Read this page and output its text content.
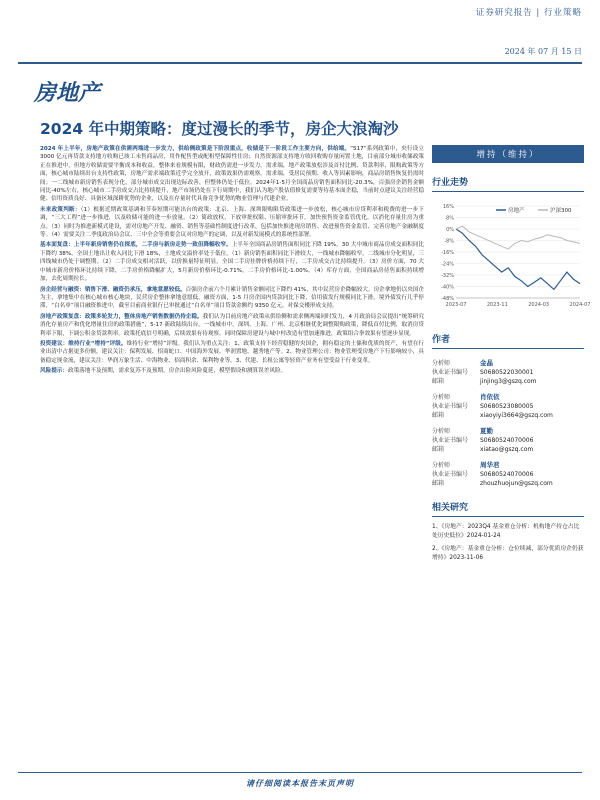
证券研究报告 | 行业策略
2024 年 07 月 15 日
房地产
2024 年中期策略：度过漫长的季节，房企大浪淘沙
2024 年上半年，房地产政策在供需两端进一步发力，供给侧政策是下阶段重点，收储是下一阶段工作主要方向，供给端。“517”系列政策中，央行设立 3000 亿元再贷款支持地方收购已竣工未售商品房，用作配售型或配租型保障性住房；自然资源部支持地方收回收购存量闲置土地，目前部分城市收储政策正在推进中，但地方收储需要平衡成本和收益，整体来看规模有限，财政仍需进一步发力。需求端，地产政策放松涉及首付比例、贷款利率、限购政策等方面，核心城市陆续出台支持性政策，房地产需求端政策近乎完全放开，政策效果仍需观察。需求端，受居民预期、收入等因素影响，商品房销售恢复仍需时间；一二线城市新房销售表现分化，部分城市成交出现边际改善，但整体仍处于低位。2024年1-5月全国商品房销售面积同比-20.3%，百强房企销售金额同比-40%左右，核心城市二手房成交占比持续提升，地产市场仍处在下行周期中，我们认为地产股估值修复需要等待基本面企稳，当前时点建议关注经营稳健、信用资质良好、具备区域深耕优势的企业，以及在存量时代具备竞争优势的物业管理与代建企业。
未来政策判断：（1）根据近期政策基调和节奏短期可能出台的政策：北京、上海、深圳限购限贷政策进一步放松，核心城市房贷利率和税费的进一步下调，“三大工程”进一步推进，以及收储可能的进一步放量。（2）简政放权，下放审批权限、压缩审批环节，加快预售资金监管优化，以消化存量住房为重点。（3）同时为推进新模式建设，需对房地产开发、融资、销售等基础性制度进行改革，包括加快推进现房销售、改进预售资金监管、完善房地产金融制度等。（4）需要关注二季度政治局会议、三中全会等重要会议对房地产的定调，以及对新发展模式的系统性部署。
基本面复盘：上半年新房销售仍在探底，二手房与新房走势一致但降幅收窄。上半年全国商品房销售面积同比下降 19%，30 大中城市商品房成交面积同比下降约 38%，全国土地出让收入同比下滑 18%，土地成交溢价率处于低位。（1）新房销售面积同比下滑较大，一线城市降幅收窄，二线城市分化明显，三四线城市仍处于调整期。（2）二手房成交相对活跃，以价换量特征明显，全国二手房挂牌价格持续下行，二手房成交占比持续提升。（3）房价方面，70 大中城市新房价格环比持续下降，二手房价格降幅扩大，5月新房价格环比-0.71%，二手房价格环比-1.00%。（4）库存方面，全国商品房待售面积持续增加，去化周期拉长。
房企经营与融资：销售下滑、融资仍承压，拿地意愿较低。百强房企前六个月累计销售金额同比下降约 41%，其中民营房企降幅较大。房企拿地仍以央国企为主，拿地集中在核心城市核心地块，民营房企整体拿地意愿低。融资方面，1-5 月房企国内贷款同比下降，信用债发行规模同比下滑，境外债发行几乎停滞，“白名单”项目融资推进中，截至目前商业银行已审批通过“白名单”项目贷款金额约 9350 亿元，对保交楼形成支持。
房地产政策复盘：政策多轮发力，整体房地产销售数据仍待企稳。我们认为目前房地产政策从供给侧和需求侧两端同时发力，4 月政治局会议提出“统筹研究消化存量房产和优化增量住房的政策措施”，5·17 新政陆续出台。一线城市中，深圳、上海、广州、北京相继优化调整限购政策，降低首付比例，取消房贷利率下限，下调公积金贷款利率。政策托底信号明确，后续效果有待观察。同时保障房建设与城中村改造有望加速推进，政策组合拳效果有望逐步显现。
投资建议：维持行业“增持”评级。维持行业“增持”评级。我们认为重点关注：1、政策支持下经营稳健的央国企，拥有稳定的土储和优质的资产，有望在行业出清中占据更多份额，建议关注：保利发展、招商蛇口、中国海外发展、华润置地、越秀地产等。2、物业管理公司：物业管理受房地产下行影响较小，具备稳定现金流，建议关注：华润万象生活、中海物业、招商积余、保利物业等。3、代建、长租公寓等轻资产业务有望受益于行业变革。
风险提示：政策落地不及预期，需求复苏不及预期，房企出险风险蔓延，模型假设和测算误差风险。
增持（维持）
行业走势
16%
8%
0%
-8%
-16%
-24%
-32%
-40%
-48%
2023-07	2023-11	2024-03	2024-07
房地产	沪深300
作者
分析师	金晶
执业证书编号	S0680522030001
邮箱	jinjing3@gszq.com
分析师	肖依依
执业证书编号	S0680523080005
邮箱	xiaoyiyi3664@gszq.com
分析师	夏勤
执业证书编号	S0680524070006
邮箱	xiatao@gszq.com
分析师	周华君
执业证书编号	S0680524070006
邮箱	zhouzhuojun@gszq.com
相关研究
1、《房地产：2023Q4 基金重仓分析：机构地产持仓占比处历史低位》2024-01-24
2、《房地产：基金重仓分析：仓位续减，部分优质房企仍获增持》2023-11-06
请仔细阅读本报告末页声明
